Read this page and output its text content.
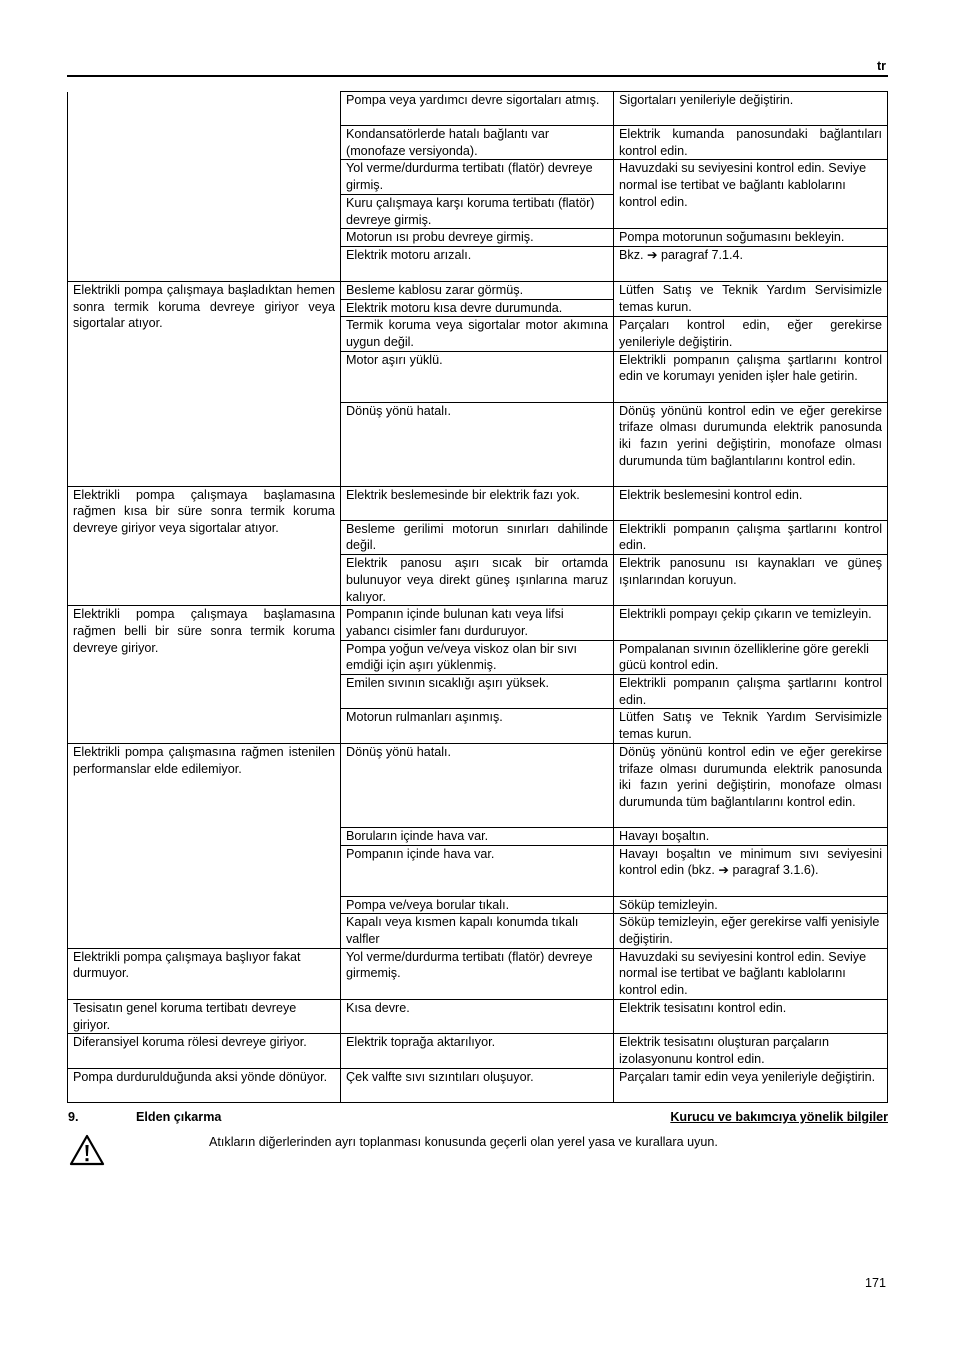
tr
	Pompa veya yardımcı devre sigortaları atmış.	Sigortaları yenileriyle değiştirin.
	Kondansatörlerde hatalı bağlantı var (monofaze versiyonda).	Elektrik kumanda panosundaki bağlantıları kontrol edin.
	Yol verme/durdurma tertibatı (flatör) devreye girmiş.	Havuzdaki su seviyesini kontrol edin. Seviye normal ise tertibat ve bağlantı kablolarını kontrol edin.
	Kuru çalışmaya karşı koruma tertibatı (flatör) devreye girmiş.	
	Motorun ısı probu devreye girmiş.	Pompa motorunun soğumasını bekleyin.
	Elektrik motoru arızalı.	Bkz. ➔ paragraf 7.1.4.
Elektrikli pompa çalışmaya başladıktan hemen sonra termik koruma devreye giriyor veya sigortalar atıyor.	Besleme kablosu zarar görmüş.	Lütfen Satış ve Teknik Yardım Servisimizle temas kurun.
	Elektrik motoru kısa devre durumunda.	
	Termik koruma veya sigortalar motor akımına uygun değil.	Parçaları kontrol edin, eğer gerekirse yenileriyle değiştirin.
	Motor aşırı yüklü.	Elektrikli pompanın çalışma şartlarını kontrol edin ve korumayı yeniden işler hale getirin.
	Dönüş yönü hatalı.	Dönüş yönünü kontrol edin ve eğer gerekirse trifaze olması durumunda elektrik panosunda iki fazın yerini değiştirin, monofaze olması durumunda tüm bağlantılarını kontrol edin.
Elektrikli pompa çalışmaya başlamasına rağmen kısa bir süre sonra termik koruma devreye giriyor veya sigortalar atıyor.	Elektrik beslemesinde bir elektrik fazı yok.	Elektrik beslemesini kontrol edin.
	Besleme gerilimi motorun sınırları dahilinde değil.	Elektrikli pompanın çalışma şartlarını kontrol edin.
	Elektrik panosu aşırı sıcak bir ortamda bulunuyor veya direkt güneş ışınlarına maruz kalıyor.	Elektrik panosunu ısı kaynakları ve güneş ışınlarından koruyun.
Elektrikli pompa çalışmaya başlamasına rağmen belli bir süre sonra termik koruma devreye giriyor.	Pompanın içinde bulunan katı veya lifsi yabancı cisimler fanı durduruyor.	Elektrikli pompayı çekip çıkarın ve temizleyin.
	Pompa yoğun ve/veya viskoz olan bir sıvı emdiği için aşırı yüklenmiş.	Pompalanan sıvının özelliklerine göre gerekli gücü kontrol edin.
	Emilen sıvının sıcaklığı aşırı yüksek.	Elektrikli pompanın çalışma şartlarını kontrol edin.
	Motorun rulmanları aşınmış.	Lütfen Satış ve Teknik Yardım Servisimizle temas kurun.
Elektrikli pompa çalışmasına rağmen istenilen performanslar elde edilemiyor.	Dönüş yönü hatalı.	Dönüş yönünü kontrol edin ve eğer gerekirse trifaze olması durumunda elektrik panosunda iki fazın yerini değiştirin, monofaze olması durumunda tüm bağlantılarını kontrol edin.
	Boruların içinde hava var.	Havayı boşaltın.
	Pompanın içinde hava var.	Havayı boşaltın ve minimum sıvı seviyesini kontrol edin (bkz. ➔ paragraf 3.1.6).
	Pompa ve/veya borular tıkalı.	Söküp temizleyin.
	Kapalı veya kısmen kapalı konumda tıkalı valfler	Söküp temizleyin, eğer gerekirse valfi yenisiyle değiştirin.
Elektrikli pompa çalışmaya başlıyor fakat durmuyor.	Yol verme/durdurma tertibatı (flatör) devreye girmemiş.	Havuzdaki su seviyesini kontrol edin. Seviye normal ise tertibat ve bağlantı kablolarını kontrol edin.
Tesisatın genel koruma tertibatı devreye giriyor.	Kısa devre.	Elektrik tesisatını kontrol edin.
Diferansiyel koruma rölesi devreye giriyor.	Elektrik toprağa aktarılıyor.	Elektrik tesisatını oluşturan parçaların izolasyonunu kontrol edin.
Pompa durdurulduğunda aksi yönde dönüyor.	Çek valfte sıvı sızıntıları oluşuyor.	Parçaları tamir edin veya yenileriyle değiştirin.
9.	Elden çıkarma	Kurucu ve bakımcıya yönelik bilgiler
Atıkların diğerlerinden ayrı toplanması konusunda geçerli olan yerel yasa ve kurallara uyun.
171
